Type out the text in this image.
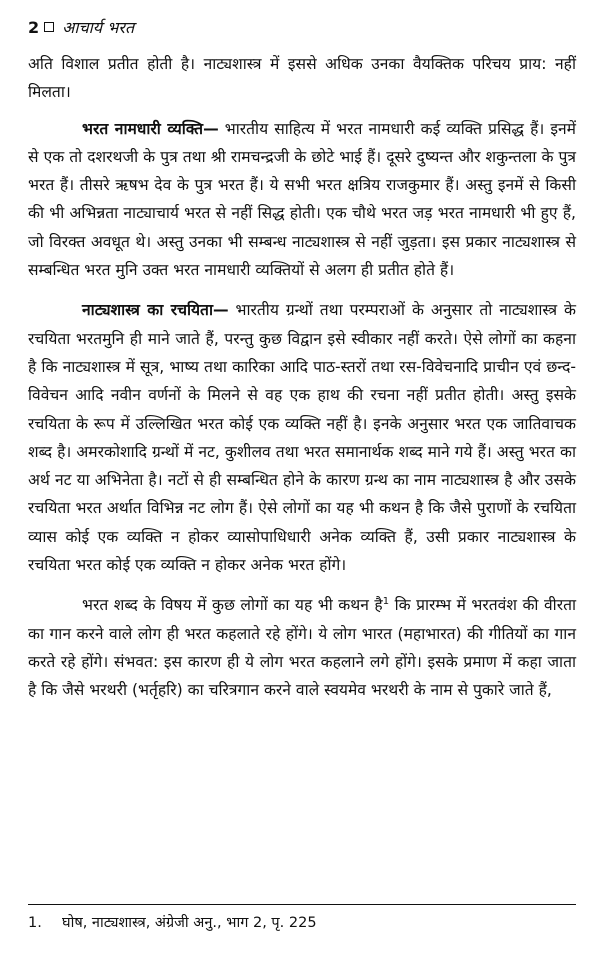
2 आचार्य भरत

अति विशाल प्रतीत होती है। नाट्यशास्त्र में इससे अधिक उनका वैयक्तिक परिचय प्राय: नहीं मिलता।

भरत नामधारी व्यक्ति— भारतीय साहित्य में भरत नामधारी कई व्यक्ति प्रसिद्ध हैं। इनमें से एक तो दशरथजी के पुत्र तथा श्री रामचन्द्रजी के छोटे भाई हैं। दूसरे दुष्यन्त और शकुन्तला के पुत्र भरत हैं। तीसरे ऋषभ देव के पुत्र भरत हैं। ये सभी भरत क्षत्रिय राजकुमार हैं। अस्तु इनमें से किसी की भी अभिन्नता नाट्याचार्य भरत से नहीं सिद्ध होती। एक चौथे भरत जड़ भरत नामधारी भी हुए हैं, जो विरक्त अवधूत थे। अस्तु उनका भी सम्बन्ध नाट्यशास्त्र से नहीं जुड़ता। इस प्रकार नाट्यशास्त्र से सम्बन्धित भरत मुनि उक्त भरत नामधारी व्यक्तियों से अलग ही प्रतीत होते हैं।

नाट्यशास्त्र का रचयिता— भारतीय ग्रन्थों तथा परम्पराओं के अनुसार तो नाट्यशास्त्र के रचयिता भरतमुनि ही माने जाते हैं, परन्तु कुछ विद्वान इसे स्वीकार नहीं करते। ऐसे लोगों का कहना है कि नाट्यशास्त्र में सूत्र, भाष्य तथा कारिका आदि पाठ-स्तरों तथा रस-विवेचनादि प्राचीन एवं छन्द-विवेचन आदि नवीन वर्णनों के मिलने से वह एक हाथ की रचना नहीं प्रतीत होती। अस्तु इसके रचयिता के रूप में उल्लिखित भरत कोई एक व्यक्ति नहीं है। इनके अनुसार भरत एक जातिवाचक शब्द है। अमरकोशादि ग्रन्थों में नट, कुशीलव तथा भरत समानार्थक शब्द माने गये हैं। अस्तु भरत का अर्थ नट या अभिनेता है। नटों से ही सम्बन्धित होने के कारण ग्रन्थ का नाम नाट्यशास्त्र है और उसके रचयिता भरत अर्थात विभिन्न नट लोग हैं। ऐसे लोगों का यह भी कथन है कि जैसे पुराणों के रचयिता व्यास कोई एक व्यक्ति न होकर व्यासोपाधिधारी अनेक व्यक्ति हैं, उसी प्रकार नाट्यशास्त्र के रचयिता भरत कोई एक व्यक्ति न होकर अनेक भरत होंगे।

भरत शब्द के विषय में कुछ लोगों का यह भी कथन है$^1$ कि प्रारम्भ में भरतवंश की वीरता का गान करने वाले लोग ही भरत कहलाते रहे होंगे। ये लोग भारत (महाभारत) की गीतियों का गान करते रहे होंगे। संभवत: इस कारण ही ये लोग भरत कहलाने लगे होंगे। इसके प्रमाण में कहा जाता है कि जैसे भरथरी (भर्तृहरि) का चरित्रगान करने वाले स्वयमेव भरथरी के नाम से पुकारे जाते हैं,

1. घोष, नाट्यशास्त्र, अंग्रेजी अनु., भाग 2, पृ. 225
